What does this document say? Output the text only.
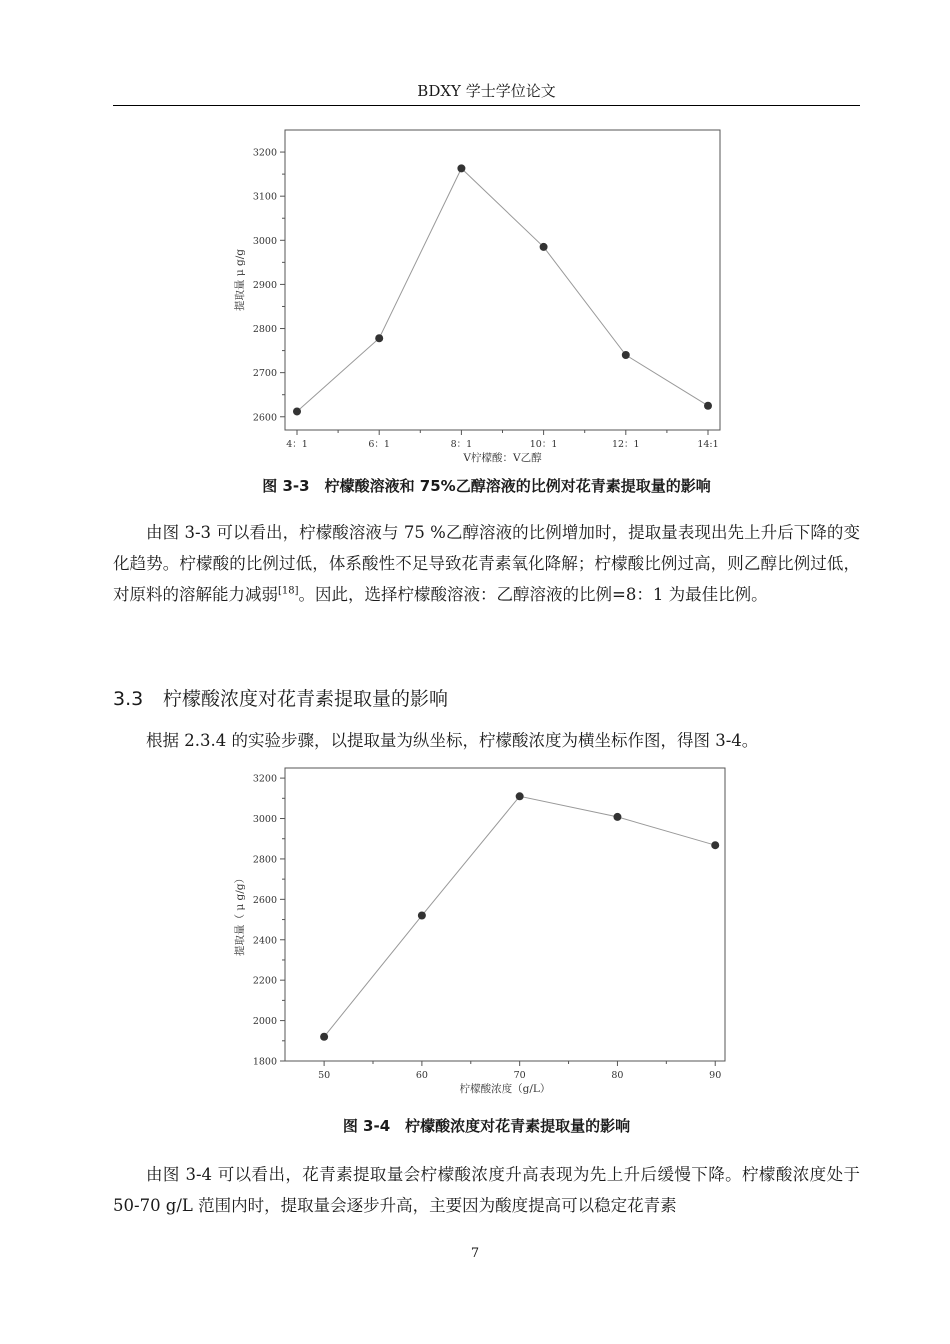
BDXY 学士学位论文
2600
2700
2800
2900
3000
3100
3200
4：1	6：1	8：1	10：1	12：1	14:1
V柠檬酸：V乙醇
提取量 μ g/g
图 3-3　柠檬酸溶液和 75%乙醇溶液的比例对花青素提取量的影响

由图 3-3 可以看出，柠檬酸溶液与 75 %乙醇溶液的比例增加时，提取量表现出先上升后下降的变化趋势。柠檬酸的比例过低，体系酸性不足导致花青素氧化降解；柠檬酸比例过高，则乙醇比例过低，对原料的溶解能力减弱[18]。因此，选择柠檬酸溶液：乙醇溶液的比例=8：1 为最佳比例。

3.3 柠檬酸浓度对花青素提取量的影响

根据 2.3.4 的实验步骤，以提取量为纵坐标，柠檬酸浓度为横坐标作图，得图 3-4。

1800
2000
2200
2400
2600
2800
3000
3200
50	60	70	80	90
柠檬酸浓度（g/L）
提取量（ μ g/g）
图 3-4　柠檬酸浓度对花青素提取量的影响

由图 3-4 可以看出，花青素提取量会柠檬酸浓度升高表现为先上升后缓慢下降。柠檬酸浓度处于 50-70 g/L 范围内时，提取量会逐步升高，主要因为酸度提高可以稳定花青素

7
